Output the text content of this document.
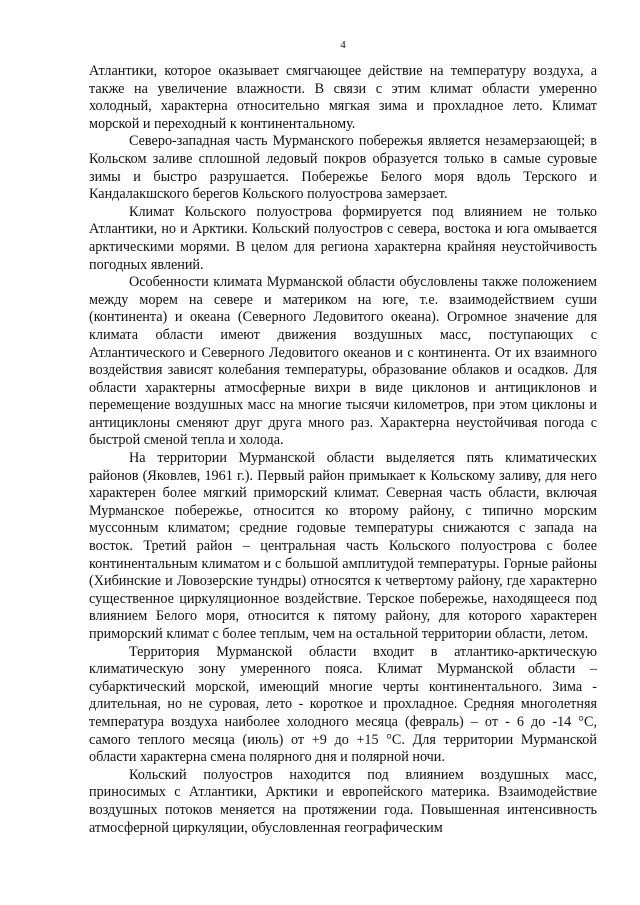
4

Атлантики, которое оказывает смягчающее действие на температуру воздуха, а также на увеличение влажности. В связи с этим климат области умеренно холодный, характерна относительно мягкая зима и прохладное лето. Климат морской и переходный к континентальному.

Северо-западная часть Мурманского побережья является незамерзающей; в Кольском заливе сплошной ледовый покров образуется только в самые суровые зимы и быстро разрушается. Побережье Белого моря вдоль Терского и Кандалакшского берегов Кольского полуострова замерзает.

Климат Кольского полуострова формируется под влиянием не только Атлантики, но и Арктики. Кольский полуостров с севера, востока и юга омывается арктическими морями. В целом для региона характерна крайняя неустойчивость погодных явлений.

Особенности климата Мурманской области обусловлены также положением между морем на севере и материком на юге, т.е. взаимодействием суши (континента) и океана (Северного Ледовитого океана). Огромное значение для климата области имеют движения воздушных масс, поступающих с Атлантического и Северного Ледовитого океанов и с континента. От их взаимного воздействия зависят колебания температуры, образование облаков и осадков. Для области характерны атмосферные вихри в виде циклонов и антициклонов и перемещение воздушных масс на многие тысячи километров, при этом циклоны и антициклоны сменяют друг друга много раз. Характерна неустойчивая погода с быстрой сменой тепла и холода.

На территории Мурманской области выделяется пять климатических районов (Яковлев, 1961 г.). Первый район примыкает к Кольскому заливу, для него характерен более мягкий приморский климат. Северная часть области, включая Мурманское побережье, относится ко второму району, с типично морским муссонным климатом; средние годовые температуры снижаются с запада на восток. Третий район – центральная часть Кольского полуострова с более континентальным климатом и с большой амплитудой температуры. Горные районы (Хибинские и Ловозерские тундры) относятся к четвертому району, где характерно существенное циркуляционное воздействие. Терское побережье, находящееся под влиянием Белого моря, относится к пятому району, для которого характерен приморский климат с более теплым, чем на остальной территории области, летом.

Территория Мурманской области входит в атлантико-арктическую климатическую зону умеренного пояса. Климат Мурманской области – субарктический морской, имеющий многие черты континентального. Зима - длительная, но не суровая, лето - короткое и прохладное. Средняя многолетняя температура воздуха наиболее холодного месяца (февраль) – от - 6 до -14 °С, самого теплого месяца (июль) от +9 до +15 °С. Для территории Мурманской области характерна смена полярного дня и полярной ночи.

Кольский полуостров находится под влиянием воздушных масс, приносимых с Атлантики, Арктики и европейского материка. Взаимодействие воздушных потоков меняется на протяжении года. Повышенная интенсивность атмосферной циркуляции, обусловленная географическим
